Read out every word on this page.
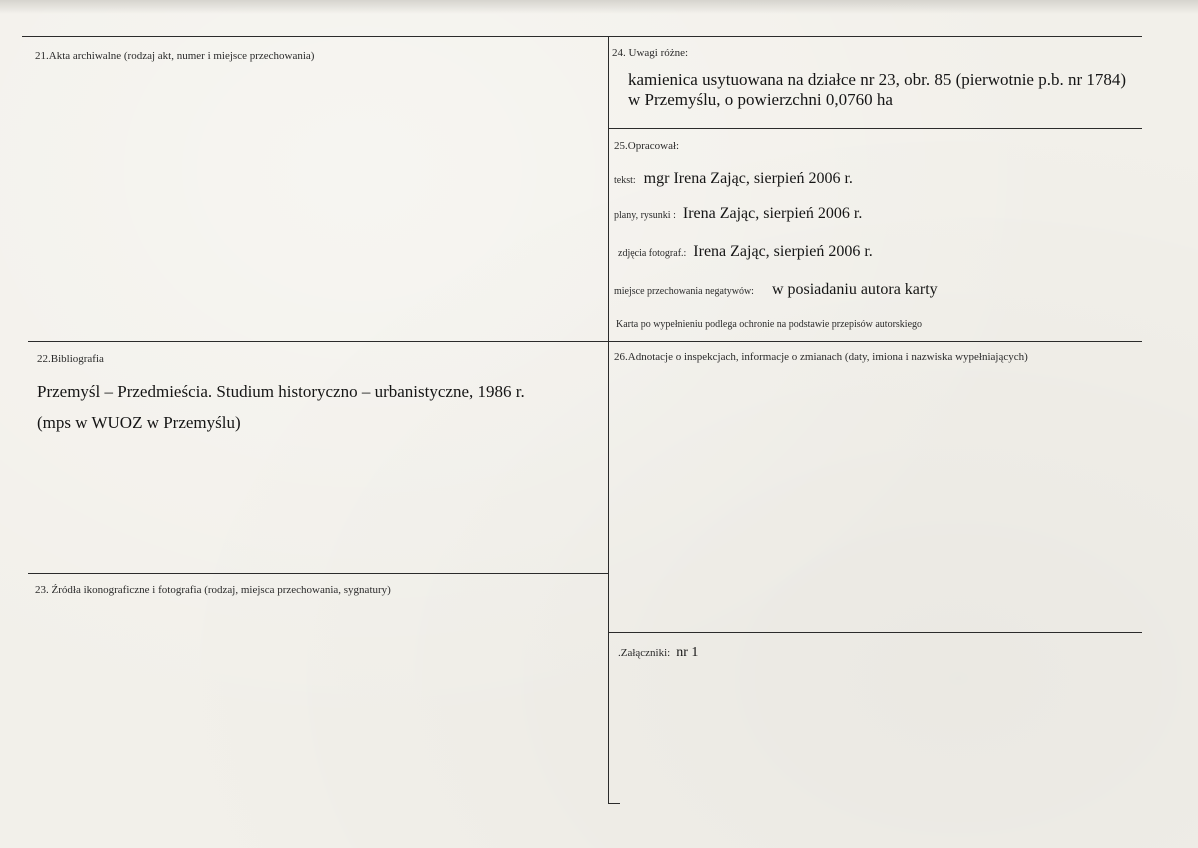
21.Akta archiwalne (rodzaj akt, numer i miejsce przechowania)
22.Bibliografia
Przemyśl – Przedmieścia. Studium historyczno – urbanistyczne, 1986 r.
(mps w WUOZ w Przemyślu)
23. Źródła ikonograficzne i fotografia (rodzaj, miejsca przechowania, sygnatury)
24. Uwagi różne:
kamienica usytuowana na działce nr 23, obr. 85 (pierwotnie p.b. nr 1784)
w Przemyślu, o powierzchni 0,0760 ha
25.Opracował:
tekst: mgr Irena Zając, sierpień 2006 r.
plany, rysunki : Irena Zając, sierpień 2006 r.
zdjęcia fotograf.: Irena Zając, sierpień 2006 r.
miejsce przechowania negatywów: w posiadaniu autora karty
Karta po wypełnieniu podlega ochronie na podstawie przepisów autorskiego
26.Adnotacje o inspekcjach, informacje o zmianach (daty, imiona i nazwiska wypełniających)
.Załączniki: nr 1
